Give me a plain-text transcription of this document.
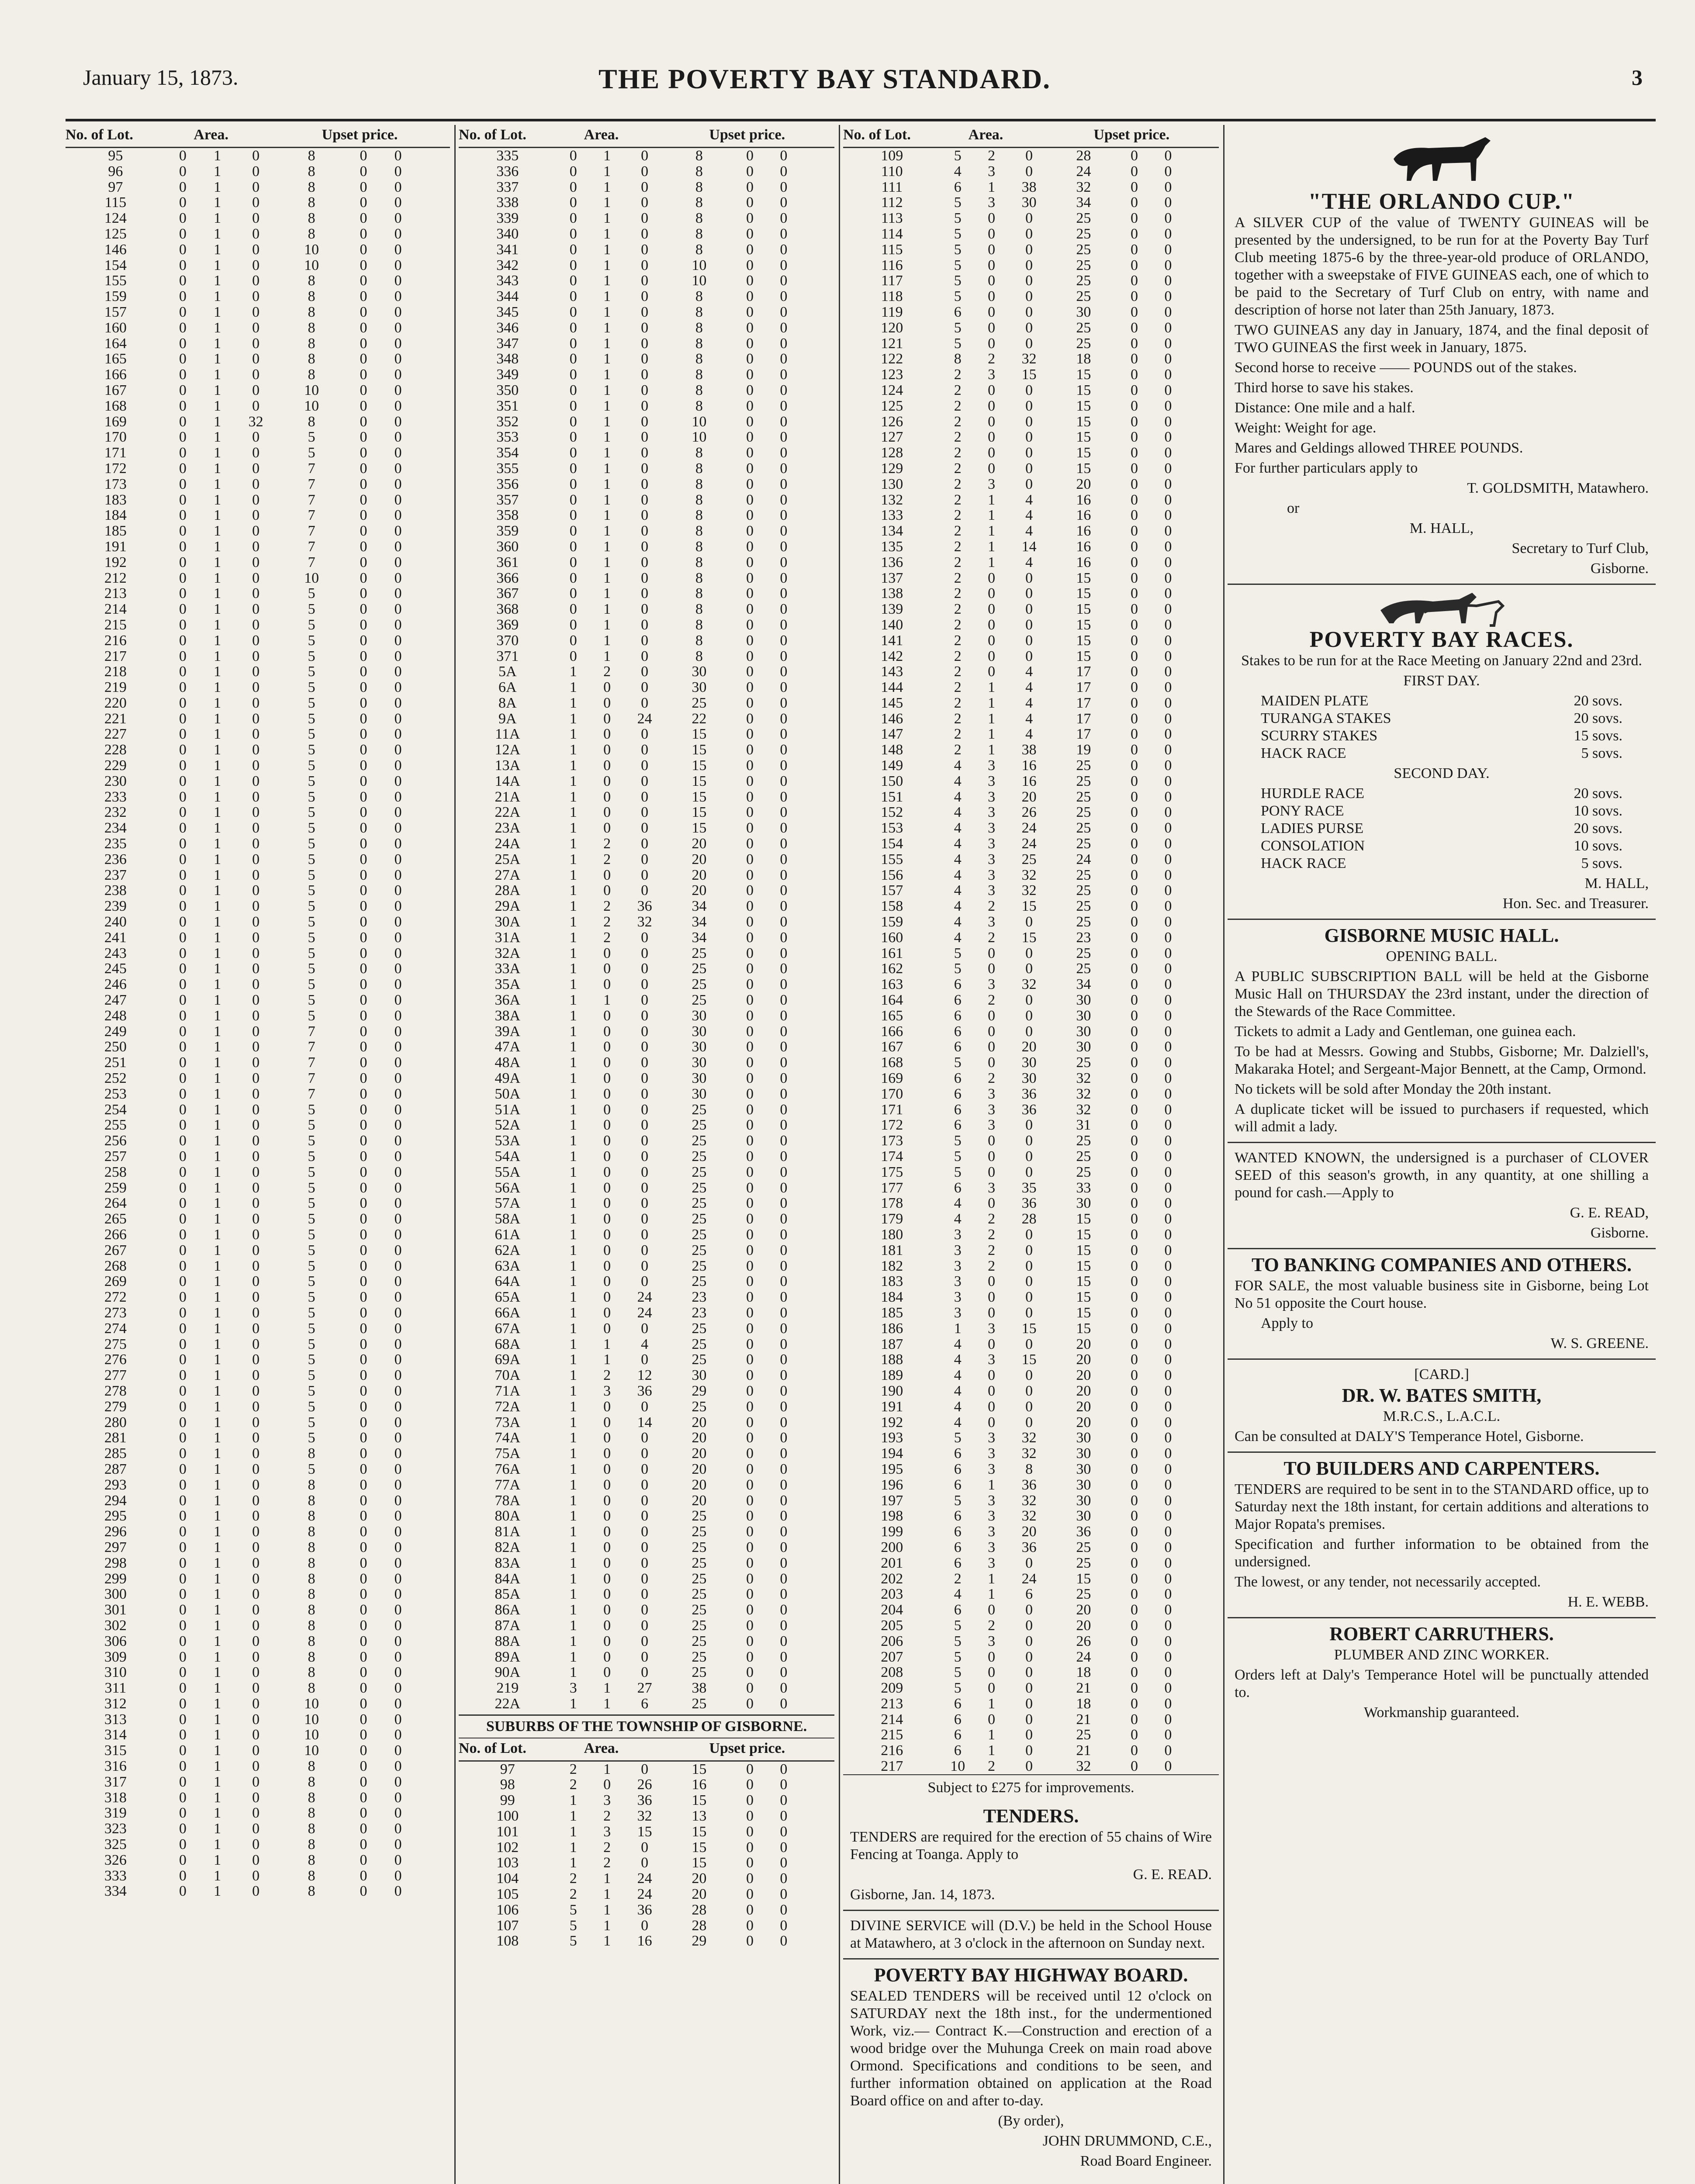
January 15, 1873.	THE POVERTY BAY STANDARD.	3
No. of Lot.	Area.	Upset price.
95	0	1	0	8	0	0
96	0	1	0	8	0	0
97	0	1	0	8	0	0
115	0	1	0	8	0	0
124	0	1	0	8	0	0
125	0	1	0	8	0	0
146	0	1	0	10	0	0
154	0	1	0	10	0	0
155	0	1	0	8	0	0
159	0	1	0	8	0	0
157	0	1	0	8	0	0
160	0	1	0	8	0	0
164	0	1	0	8	0	0
165	0	1	0	8	0	0
166	0	1	0	8	0	0
167	0	1	0	10	0	0
168	0	1	0	10	0	0
169	0	1	32	8	0	0
170	0	1	0	5	0	0
171	0	1	0	5	0	0
172	0	1	0	7	0	0
173	0	1	0	7	0	0
183	0	1	0	7	0	0
184	0	1	0	7	0	0
185	0	1	0	7	0	0
191	0	1	0	7	0	0
192	0	1	0	7	0	0
212	0	1	0	10	0	0
213	0	1	0	5	0	0
214	0	1	0	5	0	0
215	0	1	0	5	0	0
216	0	1	0	5	0	0
217	0	1	0	5	0	0
218	0	1	0	5	0	0
219	0	1	0	5	0	0
220	0	1	0	5	0	0
221	0	1	0	5	0	0
227	0	1	0	5	0	0
228	0	1	0	5	0	0
229	0	1	0	5	0	0
230	0	1	0	5	0	0
233	0	1	0	5	0	0
232	0	1	0	5	0	0
234	0	1	0	5	0	0
235	0	1	0	5	0	0
236	0	1	0	5	0	0
237	0	1	0	5	0	0
238	0	1	0	5	0	0
239	0	1	0	5	0	0
240	0	1	0	5	0	0
241	0	1	0	5	0	0
243	0	1	0	5	0	0
245	0	1	0	5	0	0
246	0	1	0	5	0	0
247	0	1	0	5	0	0
248	0	1	0	5	0	0
249	0	1	0	7	0	0
250	0	1	0	7	0	0
251	0	1	0	7	0	0
252	0	1	0	7	0	0
253	0	1	0	7	0	0
254	0	1	0	5	0	0
255	0	1	0	5	0	0
256	0	1	0	5	0	0
257	0	1	0	5	0	0
258	0	1	0	5	0	0
259	0	1	0	5	0	0
264	0	1	0	5	0	0
265	0	1	0	5	0	0
266	0	1	0	5	0	0
267	0	1	0	5	0	0
268	0	1	0	5	0	0
269	0	1	0	5	0	0
272	0	1	0	5	0	0
273	0	1	0	5	0	0
274	0	1	0	5	0	0
275	0	1	0	5	0	0
276	0	1	0	5	0	0
277	0	1	0	5	0	0
278	0	1	0	5	0	0
279	0	1	0	5	0	0
280	0	1	0	5	0	0
281	0	1	0	5	0	0
285	0	1	0	8	0	0
287	0	1	0	5	0	0
293	0	1	0	8	0	0
294	0	1	0	8	0	0
295	0	1	0	8	0	0
296	0	1	0	8	0	0
297	0	1	0	8	0	0
298	0	1	0	8	0	0
299	0	1	0	8	0	0
300	0	1	0	8	0	0
301	0	1	0	8	0	0
302	0	1	0	8	0	0
306	0	1	0	8	0	0
309	0	1	0	8	0	0
310	0	1	0	8	0	0
311	0	1	0	8	0	0
312	0	1	0	10	0	0
313	0	1	0	10	0	0
314	0	1	0	10	0	0
315	0	1	0	10	0	0
316	0	1	0	8	0	0
317	0	1	0	8	0	0
318	0	1	0	8	0	0
319	0	1	0	8	0	0
323	0	1	0	8	0	0
325	0	1	0	8	0	0
326	0	1	0	8	0	0
333	0	1	0	8	0	0
334	0	1	0	8	0	0
No. of Lot.	Area.	Upset price.
335	0	1	0	8	0	0
336	0	1	0	8	0	0
337	0	1	0	8	0	0
338	0	1	0	8	0	0
339	0	1	0	8	0	0
340	0	1	0	8	0	0
341	0	1	0	8	0	0
342	0	1	0	10	0	0
343	0	1	0	10	0	0
344	0	1	0	8	0	0
345	0	1	0	8	0	0
346	0	1	0	8	0	0
347	0	1	0	8	0	0
348	0	1	0	8	0	0
349	0	1	0	8	0	0
350	0	1	0	8	0	0
351	0	1	0	8	0	0
352	0	1	0	10	0	0
353	0	1	0	10	0	0
354	0	1	0	8	0	0
355	0	1	0	8	0	0
356	0	1	0	8	0	0
357	0	1	0	8	0	0
358	0	1	0	8	0	0
359	0	1	0	8	0	0
360	0	1	0	8	0	0
361	0	1	0	8	0	0
366	0	1	0	8	0	0
367	0	1	0	8	0	0
368	0	1	0	8	0	0
369	0	1	0	8	0	0
370	0	1	0	8	0	0
371	0	1	0	8	0	0
5A	1	2	0	30	0	0
6A	1	0	0	30	0	0
8A	1	0	0	25	0	0
9A	1	0	24	22	0	0
11A	1	0	0	15	0	0
12A	1	0	0	15	0	0
13A	1	0	0	15	0	0
14A	1	0	0	15	0	0
21A	1	0	0	15	0	0
22A	1	0	0	15	0	0
23A	1	0	0	15	0	0
24A	1	2	0	20	0	0
25A	1	2	0	20	0	0
27A	1	0	0	20	0	0
28A	1	0	0	20	0	0
29A	1	2	36	34	0	0
30A	1	2	32	34	0	0
31A	1	2	0	34	0	0
32A	1	0	0	25	0	0
33A	1	0	0	25	0	0
35A	1	0	0	25	0	0
36A	1	1	0	25	0	0
38A	1	0	0	30	0	0
39A	1	0	0	30	0	0
47A	1	0	0	30	0	0
48A	1	0	0	30	0	0
49A	1	0	0	30	0	0
50A	1	0	0	30	0	0
51A	1	0	0	25	0	0
52A	1	0	0	25	0	0
53A	1	0	0	25	0	0
54A	1	0	0	25	0	0
55A	1	0	0	25	0	0
56A	1	0	0	25	0	0
57A	1	0	0	25	0	0
58A	1	0	0	25	0	0
61A	1	0	0	25	0	0
62A	1	0	0	25	0	0
63A	1	0	0	25	0	0
64A	1	0	0	25	0	0
65A	1	0	24	23	0	0
66A	1	0	24	23	0	0
67A	1	0	0	25	0	0
68A	1	1	4	25	0	0
69A	1	1	0	25	0	0
70A	1	2	12	30	0	0
71A	1	3	36	29	0	0
72A	1	0	0	25	0	0
73A	1	0	14	20	0	0
74A	1	0	0	20	0	0
75A	1	0	0	20	0	0
76A	1	0	0	20	0	0
77A	1	0	0	20	0	0
78A	1	0	0	20	0	0
80A	1	0	0	25	0	0
81A	1	0	0	25	0	0
82A	1	0	0	25	0	0
83A	1	0	0	25	0	0
84A	1	0	0	25	0	0
85A	1	0	0	25	0	0
86A	1	0	0	25	0	0
87A	1	0	0	25	0	0
88A	1	0	0	25	0	0
89A	1	0	0	25	0	0
90A	1	0	0	25	0	0
219	3	1	27	38	0	0
22A	1	1	6	25	0	0
SUBURBS OF THE TOWNSHIP OF GISBORNE.
No. of Lot.	Area.	Upset price.
97	2	1	0	15	0	0
98	2	0	26	16	0	0
99	1	3	36	15	0	0
100	1	2	32	13	0	0
101	1	3	15	15	0	0
102	1	2	0	15	0	0
103	1	2	0	15	0	0
104	2	1	24	20	0	0
105	2	1	24	20	0	0
106	5	1	36	28	0	0
107	5	1	0	28	0	0
108	5	1	16	29	0	0
No. of Lot.	Area.	Upset price.
109	5	2	0	28	0	0
110	4	3	0	24	0	0
111	6	1	38	32	0	0
112	5	3	30	34	0	0
113	5	0	0	25	0	0
114	5	0	0	25	0	0
115	5	0	0	25	0	0
116	5	0	0	25	0	0
117	5	0	0	25	0	0
118	5	0	0	25	0	0
119	6	0	0	30	0	0
120	5	0	0	25	0	0
121	5	0	0	25	0	0
122	8	2	32	18	0	0
123	2	3	15	15	0	0
124	2	0	0	15	0	0
125	2	0	0	15	0	0
126	2	0	0	15	0	0
127	2	0	0	15	0	0
128	2	0	0	15	0	0
129	2	0	0	15	0	0
130	2	3	0	20	0	0
132	2	1	4	16	0	0
133	2	1	4	16	0	0
134	2	1	4	16	0	0
135	2	1	14	16	0	0
136	2	1	4	16	0	0
137	2	0	0	15	0	0
138	2	0	0	15	0	0
139	2	0	0	15	0	0
140	2	0	0	15	0	0
141	2	0	0	15	0	0
142	2	0	0	15	0	0
143	2	0	4	17	0	0
144	2	1	4	17	0	0
145	2	1	4	17	0	0
146	2	1	4	17	0	0
147	2	1	4	17	0	0
148	2	1	38	19	0	0
149	4	3	16	25	0	0
150	4	3	16	25	0	0
151	4	3	20	25	0	0
152	4	3	26	25	0	0
153	4	3	24	25	0	0
154	4	3	24	25	0	0
155	4	3	25	24	0	0
156	4	3	32	25	0	0
157	4	3	32	25	0	0
158	4	2	15	25	0	0
159	4	3	0	25	0	0
160	4	2	15	23	0	0
161	5	0	0	25	0	0
162	5	0	0	25	0	0
163	6	3	32	34	0	0
164	6	2	0	30	0	0
165	6	0	0	30	0	0
166	6	0	0	30	0	0
167	6	0	20	30	0	0
168	5	0	30	25	0	0
169	6	2	30	32	0	0
170	6	3	36	32	0	0
171	6	3	36	32	0	0
172	6	3	0	31	0	0
173	5	0	0	25	0	0
174	5	0	0	25	0	0
175	5	0	0	25	0	0
177	6	3	35	33	0	0
178	4	0	36	30	0	0
179	4	2	28	15	0	0
180	3	2	0	15	0	0
181	3	2	0	15	0	0
182	3	2	0	15	0	0
183	3	0	0	15	0	0
184	3	0	0	15	0	0
185	3	0	0	15	0	0
186	1	3	15	15	0	0
187	4	0	0	20	0	0
188	4	3	15	20	0	0
189	4	0	0	20	0	0
190	4	0	0	20	0	0
191	4	0	0	20	0	0
192	4	0	0	20	0	0
193	5	3	32	30	0	0
194	6	3	32	30	0	0
195	6	3	8	30	0	0
196	6	1	36	30	0	0
197	5	3	32	30	0	0
198	6	3	32	30	0	0
199	6	3	20	36	0	0
200	6	3	36	25	0	0
201	6	3	0	25	0	0
202	2	1	24	15	0	0
203	4	1	6	25	0	0
204	6	0	0	20	0	0
205	5	2	0	20	0	0
206	5	3	0	26	0	0
207	5	0	0	24	0	0
208	5	0	0	18	0	0
209	5	0	0	21	0	0
213	6	1	0	18	0	0
214	6	0	0	21	0	0
215	6	1	0	25	0	0
216	6	1	0	21	0	0
217	10	2	0	32	0	0
Subject to £275 for improvements.
TENDERS.

TENDERS are required for the erection of 55 chains of Wire Fencing at Toanga. Apply to

G. E. READ.

Gisborne, Jan. 14, 1873.

DIVINE SERVICE will (D.V.) be held in the School House at Matawhero, at 3 o'clock in the afternoon on Sunday next.

POVERTY BAY HIGHWAY BOARD.

SEALED TENDERS will be received until 12 o'clock on SATURDAY next the 18th inst., for the undermentioned Work, viz.— Contract K.—Construction and erection of a wood bridge over the Muhunga Creek on main road above Ormond. Specifications and conditions to be seen, and further information obtained on application at the Road Board office on and after to-day.

(By order),

JOHN DRUMMOND, C.E.,

Road Board Engineer.

"THE ORLANDO CUP."

A SILVER CUP of the value of TWENTY GUINEAS will be presented by the undersigned, to be run for at the Poverty Bay Turf Club meeting 1875-6 by the three-year-old produce of ORLANDO, together with a sweepstake of FIVE GUINEAS each, one of which to be paid to the Secretary of Turf Club on entry, with name and description of horse not later than 25th January, 1873.

TWO GUINEAS any day in January, 1874, and the final deposit of TWO GUINEAS the first week in January, 1875.

Second horse to receive —— POUNDS out of the stakes.

Third horse to save his stakes.

Distance: One mile and a half.

Weight: Weight for age.

Mares and Geldings allowed THREE POUNDS.

For further particulars apply to

T. GOLDSMITH, Matawhero.

or

M. HALL,

Secretary to Turf Club,

Gisborne.

POVERTY BAY RACES.

Stakes to be run for at the Race Meeting on January 22nd and 23rd.

FIRST DAY.

MAIDEN PLATE	20 sovs.
TURANGA STAKES	20 sovs.
SCURRY STAKES	15 sovs.
HACK RACE	5 sovs.

SECOND DAY.

HURDLE RACE	20 sovs.
PONY RACE	10 sovs.
LADIES PURSE	20 sovs.
CONSOLATION	10 sovs.
HACK RACE	5 sovs.

M. HALL,

Hon. Sec. and Treasurer.

GISBORNE MUSIC HALL.

OPENING BALL.

A PUBLIC SUBSCRIPTION BALL will be held at the Gisborne Music Hall on THURSDAY the 23rd instant, under the direction of the Stewards of the Race Committee.

Tickets to admit a Lady and Gentleman, one guinea each.

To be had at Messrs. Gowing and Stubbs, Gisborne; Mr. Dalziell's, Makaraka Hotel; and Sergeant-Major Bennett, at the Camp, Ormond.

No tickets will be sold after Monday the 20th instant.

A duplicate ticket will be issued to purchasers if requested, which will admit a lady.

WANTED KNOWN, the undersigned is a purchaser of CLOVER SEED of this season's growth, in any quantity, at one shilling a pound for cash.—Apply to

G. E. READ,

Gisborne.

TO BANKING COMPANIES AND OTHERS.

FOR SALE, the most valuable business site in Gisborne, being Lot No 51 opposite the Court house.

Apply to

W. S. GREENE.

[CARD.]

DR. W. BATES SMITH,

M.R.C.S., L.A.C.L.

Can be consulted at DALY'S Temperance Hotel, Gisborne.

TO BUILDERS AND CARPENTERS.

TENDERS are required to be sent in to the STANDARD office, up to Saturday next the 18th instant, for certain additions and alterations to Major Ropata's premises.

Specification and further information to be obtained from the undersigned.

The lowest, or any tender, not necessarily accepted.

H. E. WEBB.

ROBERT CARRUTHERS.

PLUMBER AND ZINC WORKER.

Orders left at Daly's Temperance Hotel will be punctually attended to.

Workmanship guaranteed.
